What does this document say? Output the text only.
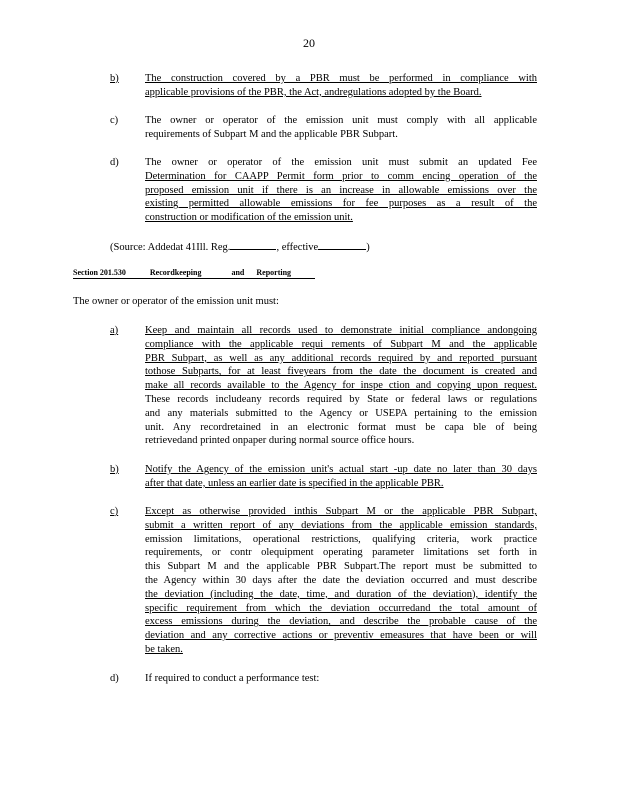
20
b)	The construction covered by a PBR must be performed in compliance with
applicable provisions of the PBR, the Act, andregulations adopted by the Board.
c)	The owner or operator of the emission unit must comply with all applicable
requirements of Subpart M and the applicable PBR Subpart.
d)	The owner or operator of the emission unit must submit an updated Fee
Determination for CAAPP Permit form prior to comm encing operation of the
proposed emission unit if there is an increase in allowable emissions over the
existing permitted allowable emissions for fee purposes as a result of the
construction or modification of the emission unit.
(Source: Addedat 41Ill. Reg.	, effective	)
Section 201.530	Recordkeeping	and Reporting
The owner or operator of the emission unit must:
a)	Keep and maintain all records used to demonstrate initial compliance andongoing
compliance with the applicable requi rements of Subpart M and the applicable
PBR Subpart, as well as any additional records required by and reported pursuant
tothose Subparts, for at least fiveyears from the date the document is created and
make all records available to the Agency for inspe ction and copying upon request.
These records includeany records required by State or federal laws or regulations
and any materials submitted to the Agency or USEPA pertaining to the emission
unit. Any recordretained in an electronic format must be capa ble of being
retrievedand printed onpaper during normal source office hours.
b)	Notify the Agency of the emission unit's actual start -up date no later than 30 days
after that date, unless an earlier date is specified in the applicable PBR.
c)	Except as otherwise provided inthis Subpart M or the applicable PBR Subpart,
submit a written report of any deviations from the applicable emission standards,
emission limitations, operational restrictions, qualifying criteria, work practice
requirements, or contr olequipment operating parameter limitations set forth in
this Subpart M and the applicable PBR Subpart.The report must be submitted to
the Agency within 30 days after the date the deviation occurred and must describe
the deviation (including the date, time, and duration of the deviation), identify the
specific requirement from which the deviation occurredand the total amount of
excess emissions during the deviation, and describe the probable cause of the
deviation and any corrective actions or preventiv emeasures that have been or will
be taken.
d)	If required to conduct a performance test:
